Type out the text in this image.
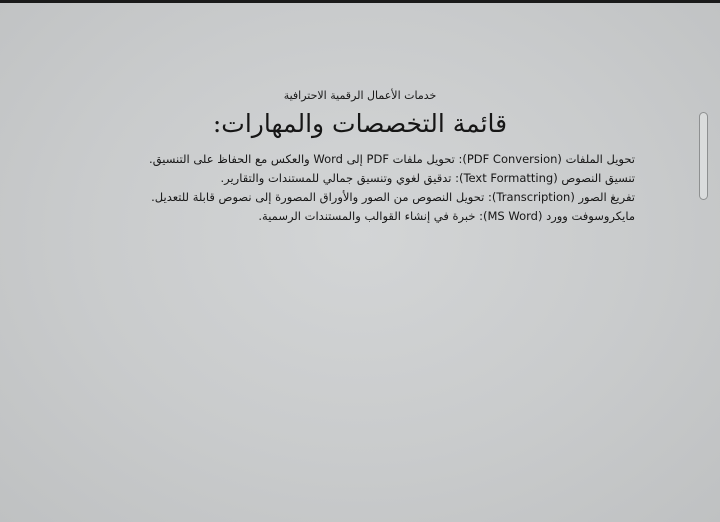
خدمات الأعمال الرقمية الاحترافية
قائمة التخصصات والمهارات:
تحويل الملفات (PDF Conversion): تحويل ملفات PDF إلى Word والعكس مع الحفاظ على التنسيق.
تنسيق النصوص (Text Formatting): تدقيق لغوي وتنسيق جمالي للمستندات والتقارير.
تفريغ الصور (Transcription): تحويل النصوص من الصور والأوراق المصورة إلى نصوص قابلة للتعديل.
مايكروسوفت وورد (MS Word): خبرة في إنشاء القوالب والمستندات الرسمية.
